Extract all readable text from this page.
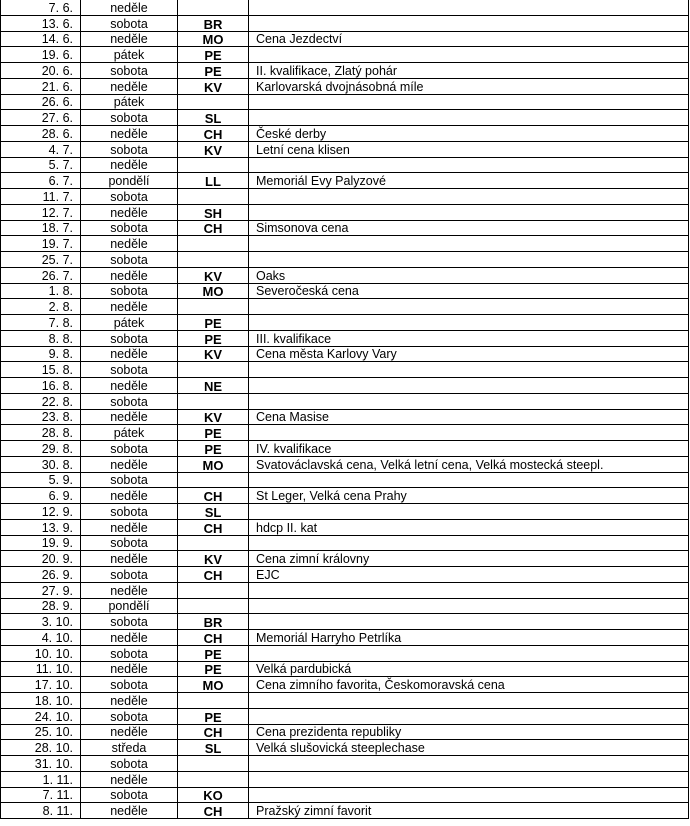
7. 6.	neděle		
13. 6.	sobota	BR	
14. 6.	neděle	MO	Cena Jezdectví
19. 6.	pátek	PE	
20. 6.	sobota	PE	II. kvalifikace, Zlatý pohár
21. 6.	neděle	KV	Karlovarská dvojnásobná míle
26. 6.	pátek		
27. 6.	sobota	SL	
28. 6.	neděle	CH	České derby
4. 7.	sobota	KV	Letní cena klisen
5. 7.	neděle		
6. 7.	pondělí	LL	Memoriál Evy Palyzové
11. 7.	sobota		
12. 7.	neděle	SH	
18. 7.	sobota	CH	Simsonova cena
19. 7.	neděle		
25. 7.	sobota		
26. 7.	neděle	KV	Oaks
1. 8.	sobota	MO	Severočeská cena
2. 8.	neděle		
7. 8.	pátek	PE	
8. 8.	sobota	PE	III. kvalifikace
9. 8.	neděle	KV	Cena města Karlovy Vary
15. 8.	sobota		
16. 8.	neděle	NE	
22. 8.	sobota		
23. 8.	neděle	KV	Cena Masise
28. 8.	pátek	PE	
29. 8.	sobota	PE	IV. kvalifikace
30. 8.	neděle	MO	Svatováclavská cena, Velká letní cena, Velká mostecká steepl.
5. 9.	sobota		
6. 9.	neděle	CH	St Leger, Velká cena Prahy
12. 9.	sobota	SL	
13. 9.	neděle	CH	hdcp II. kat
19. 9.	sobota		
20. 9.	neděle	KV	Cena zimní královny
26. 9.	sobota	CH	EJC
27. 9.	neděle		
28. 9.	pondělí		
3. 10.	sobota	BR	
4. 10.	neděle	CH	Memoriál Harryho Petrlíka
10. 10.	sobota	PE	
11. 10.	neděle	PE	Velká pardubická
17. 10.	sobota	MO	Cena zimního favorita, Českomoravská cena
18. 10.	neděle		
24. 10.	sobota	PE	
25. 10.	neděle	CH	Cena prezidenta republiky
28. 10.	středa	SL	Velká slušovická steeplechase
31. 10.	sobota		
1. 11.	neděle		
7. 11.	sobota	KO	
8. 11.	neděle	CH	Pražský zimní favorit
